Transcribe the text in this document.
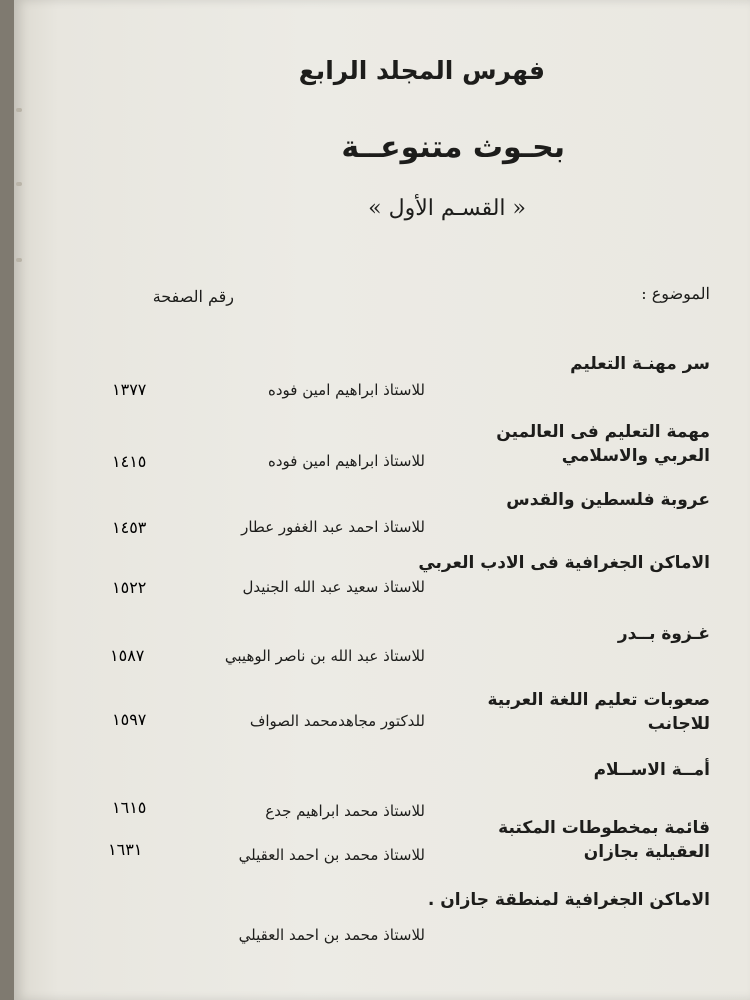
فهرس المجلد الرابع
بحـوث متنوعــة
« القسـم الأول »
الموضوع :
رقم الصفحة
سر مهنـة التعليم
للاستاذ ابراهيم امين فوده
١٣٧٧
مهمة التعليم فى العالمين العربي والاسلامي
للاستاذ ابراهيم امين فوده
١٤١٥
عروبة فلسطين والقدس
للاستاذ احمد عبد الغفور عطار
١٤٥٣
الاماكن الجغرافية فى الادب العربي
للاستاذ سعيد عبد الله الجنيدل
١٥٢٢
غـزوة بــدر
للاستاذ عبد الله بن ناصر الوهيبي
١٥٨٧
صعوبات تعليم اللغة العربية للاجانب
للدكتور مجاهدمحمد الصواف
١٥٩٧
أمــة الاســلام
للاستاذ محمد ابراهيم جدع
١٦١٥
قائمة بمخطوطات المكتبة العقيلية بجازان
للاستاذ محمد بن احمد العقيلي
١٦٣١
الاماكن الجغرافية لمنطقة جازان .
للاستاذ محمد بن احمد العقيلي
